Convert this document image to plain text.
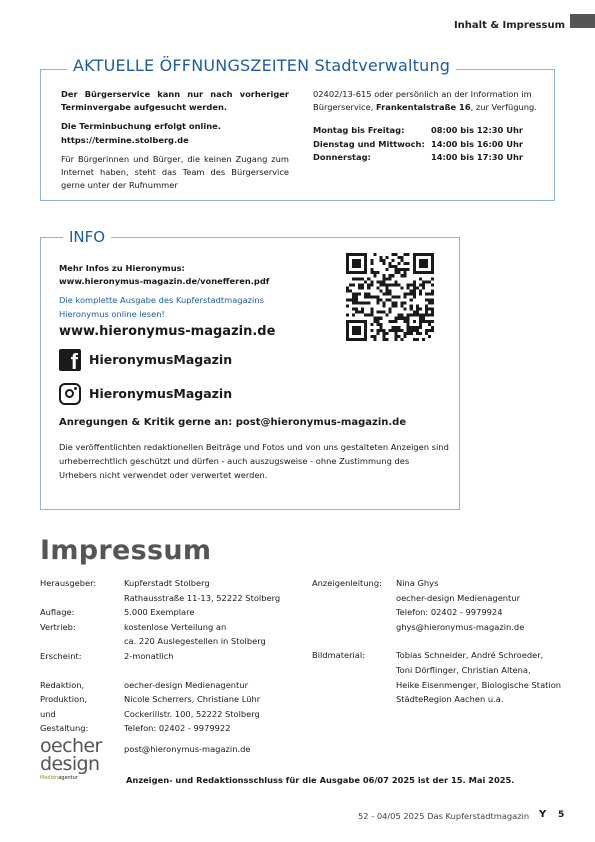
Inhalt & Impressum
AKTUELLE ÖFFNUNGSZEITEN Stadtverwaltung

Der Bürgerservice kann nur nach vorheriger Terminvergabe aufgesucht werden.

Die Terminbuchung erfolgt online.

https://termine.stolberg.de

Für Bürgerinnen und Bürger, die keinen Zugang zum Internet haben, steht das Team des Bürgerservice gerne unter der Rufnummer

02402/13-615 oder persönlich an der Information im Bürgerservice, Frankentalstraße 16, zur Verfügung.

Montag bis Freitag:	08:00 bis 12:30 Uhr
Dienstag und Mittwoch: 14:00 bis 16:00 Uhr
Donnerstag:	14:00 bis 17:30 Uhr
INFO

Mehr Infos zu Hieronymus:

www.hieronymus-magazin.de/vonefferen.pdf

Die komplette Ausgabe des Kupferstadtmagazins

Hieronymus online lesen!

www.hieronymus-magazin.de

f HieronymusMagazin
HieronymusMagazin

Anregungen & Kritik gerne an: post@hieronymus-magazin.de

Die veröffentlichten redaktionellen Beiträge und Fotos und von uns gestalteten Anzeigen sind urheberrechtlich geschützt und dürfen - auch auszugsweise - ohne Zustimmung des Urhebers nicht verwendet oder verwertet werden.

Impressum
Herausgeber:	Kupferstadt Stolberg
Rathausstraße 11-13, 52222 Stolberg
Auflage:	5.000 Exemplare
Vertrieb:	kostenlose Verteilung an
ca. 220 Auslegestellen in Stolberg
Erscheint:	2-monatlich
Redaktion,	oecher-design Medienagentur
Produktion,	Nicole Scherrers, Christiane Lühr
und	Cockerillstr. 100, 52222 Stolberg
Gestaltung:	Telefon: 02402 - 9979922
post@hieronymus-magazin.de
Anzeigenleitung:	Nina Ghys
oecher-design Medienagentur
Telefon: 02402 - 9979924
ghys@hieronymus-magazin.de
Bildmaterial:	Tobias Schneider, André Schroeder,
Toni Dörflinger, Christian Altena,
Heike Eisenmenger, Biologische Station
StädteRegion Aachen u.a.
oecher
design
Medienagentur	Anzeigen- und Redaktionsschluss für die Ausgabe 06/07 2025 ist der 15. Mai 2025.
52 - 04/05 2025 Das Kupferstadtmagazin Y 5
